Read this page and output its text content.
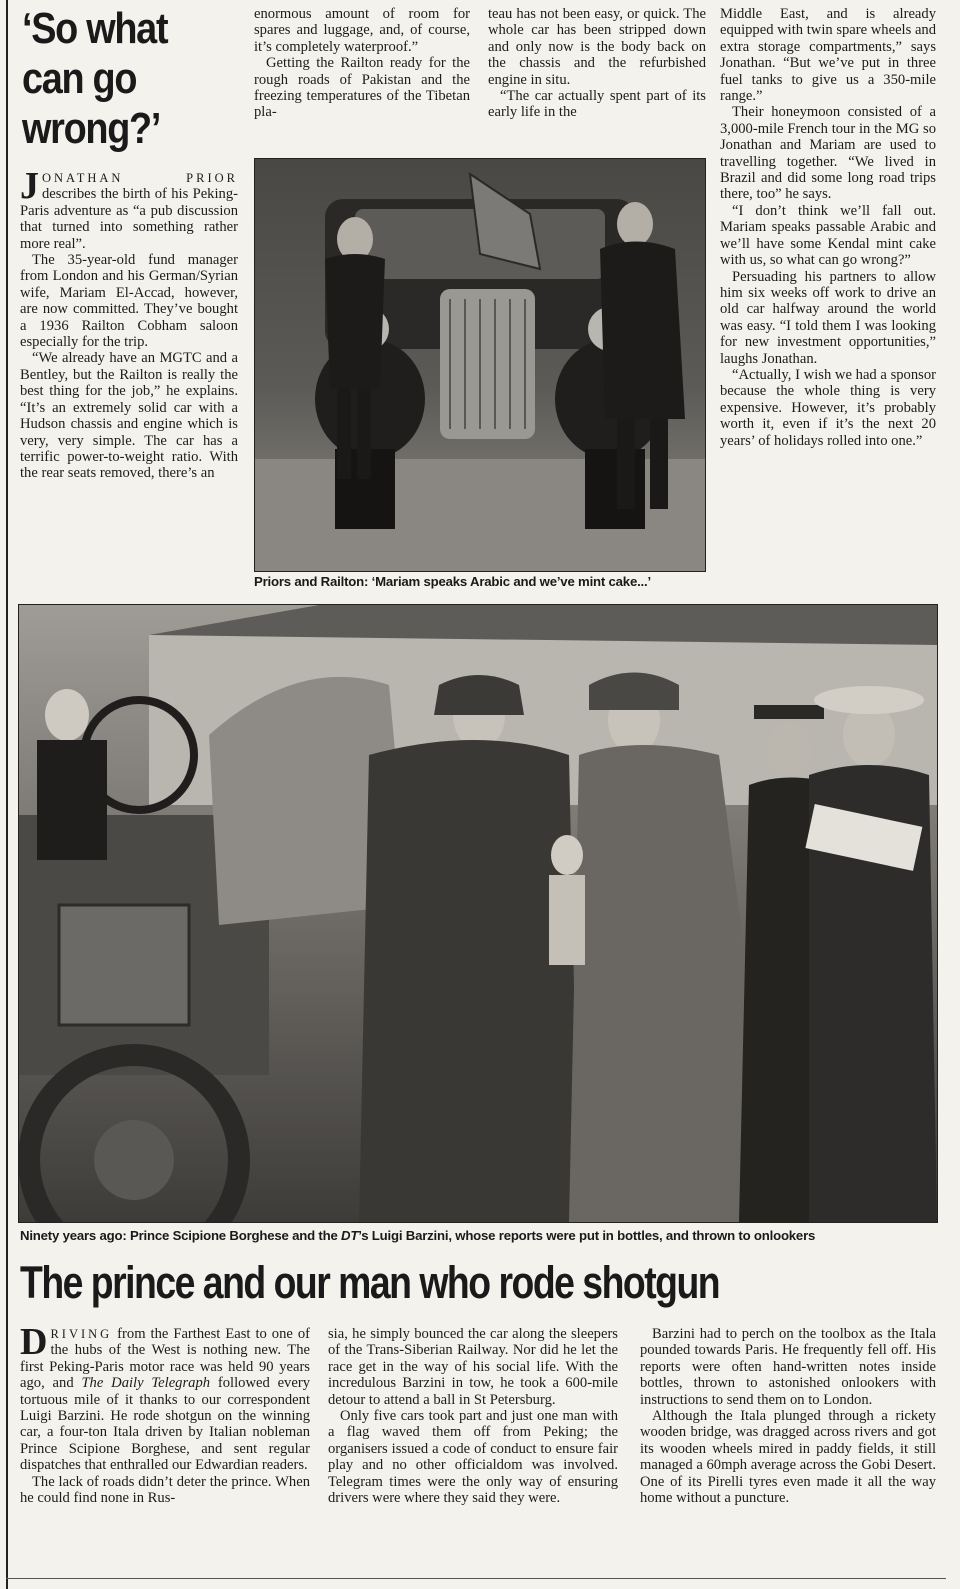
‘So what can go wrong?’

JONATHAN PRIOR describes the birth of his Peking-Paris adventure as “a pub discussion that turned into something rather more real”.

The 35-year-old fund manager from London and his German/Syrian wife, Mariam El-Accad, however, are now committed. They’ve bought a 1936 Railton Cobham saloon especially for the trip.

“We already have an MGTC and a Bentley, but the Railton is really the best thing for the job,” he explains. “It’s an extremely solid car with a Hudson chassis and engine which is very, very simple. The car has a terrific power-to-weight ratio. With the rear seats removed, there’s an

enormous amount of room for spares and luggage, and, of course, it’s completely waterproof.”

Getting the Railton ready for the rough roads of Pakistan and the freezing temperatures of the Tibetan pla-

teau has not been easy, or quick. The whole car has been stripped down and only now is the body back on the chassis and the refurbished engine in situ.

“The car actually spent part of its early life in the

Middle East, and is already equipped with twin spare wheels and extra storage compartments,” says Jonathan. “But we’ve put in three fuel tanks to give us a 350-mile range.”

Their honeymoon consisted of a 3,000-mile French tour in the MG so Jonathan and Mariam are used to travelling together. “We lived in Brazil and did some long road trips there, too” he says.

“I don’t think we’ll fall out. Mariam speaks passable Arabic and we’ll have some Kendal mint cake with us, so what can go wrong?”

Persuading his partners to allow him six weeks off work to drive an old car halfway around the world was easy. “I told them I was looking for new investment opportunities,” laughs Jonathan.

“Actually, I wish we had a sponsor because the whole thing is very expensive. However, it’s probably worth it, even if it’s the next 20 years’ of holidays rolled into one.”

Priors and Railton: ‘Mariam speaks Arabic and we’ve mint cake...’
Ninety years ago: Prince Scipione Borghese and the DT’s Luigi Barzini, whose reports were put in bottles, and thrown to onlookers
The prince and our man who rode shotgun

DRIVING from the Farthest East to one of the hubs of the West is nothing new. The first Peking-Paris motor race was held 90 years ago, and The Daily Telegraph followed every tortuous mile of it thanks to our correspondent Luigi Barzini. He rode shotgun on the winning car, a four-ton Itala driven by Italian nobleman Prince Scipione Borghese, and sent regular dispatches that enthralled our Edwardian readers.

The lack of roads didn’t deter the prince. When he could find none in Rus-

sia, he simply bounced the car along the sleepers of the Trans-Siberian Railway. Nor did he let the race get in the way of his social life. With the incredulous Barzini in tow, he took a 600-mile detour to attend a ball in St Petersburg.

Only five cars took part and just one man with a flag waved them off from Peking; the organisers issued a code of conduct to ensure fair play and no other officialdom was involved. Telegram times were the only way of ensuring drivers were where they said they were.

Barzini had to perch on the toolbox as the Itala pounded towards Paris. He frequently fell off. His reports were often hand-written notes inside bottles, thrown to astonished onlookers with instructions to send them on to London.

Although the Itala plunged through a rickety wooden bridge, was dragged across rivers and got its wooden wheels mired in paddy fields, it still managed a 60mph average across the Gobi Desert. One of its Pirelli tyres even made it all the way home without a puncture.
